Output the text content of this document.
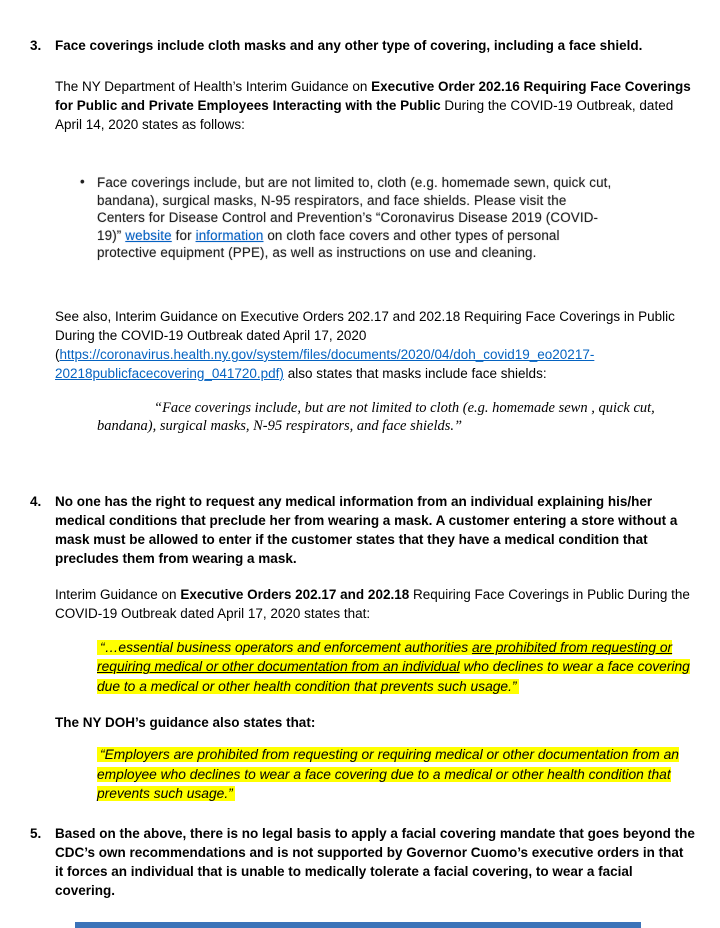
3. Face coverings include cloth masks and any other type of covering, including a face shield.
The NY Department of Health’s Interim Guidance on Executive Order 202.16 Requiring Face Coverings for Public and Private Employees Interacting with the Public During the COVID-19 Outbreak, dated April 14, 2020 states as follows:
• Face coverings include, but are not limited to, cloth (e.g. homemade sewn, quick cut, bandana), surgical masks, N-95 respirators, and face shields. Please visit the Centers for Disease Control and Prevention’s “Coronavirus Disease 2019 (COVID-19)” website for information on cloth face covers and other types of personal protective equipment (PPE), as well as instructions on use and cleaning.
See also, Interim Guidance on Executive Orders 202.17 and 202.18 Requiring Face Coverings in Public During the COVID-19 Outbreak dated April 17, 2020 (https://coronavirus.health.ny.gov/system/files/documents/2020/04/doh_covid19_eo20217-20218publicfacecovering_041720.pdf) also states that masks include face shields:
“Face coverings include, but are not limited to cloth (e.g. homemade sewn , quick cut, bandana), surgical masks, N-95 respirators, and face shields.”
4. No one has the right to request any medical information from an individual explaining his/her medical conditions that preclude her from wearing a mask. A customer entering a store without a mask must be allowed to enter if the customer states that they have a medical condition that precludes them from wearing a mask.
Interim Guidance on Executive Orders 202.17 and 202.18 Requiring Face Coverings in Public During the COVID-19 Outbreak dated April 17, 2020 states that:
“…essential business operators and enforcement authorities are prohibited from requesting or requiring medical or other documentation from an individual who declines to wear a face covering due to a medical or other health condition that prevents such usage.”
The NY DOH’s guidance also states that:
“Employers are prohibited from requesting or requiring medical or other documentation from an employee who declines to wear a face covering due to a medical or other health condition that prevents such usage.”
5. Based on the above, there is no legal basis to apply a facial covering mandate that goes beyond the CDC’s own recommendations and is not supported by Governor Cuomo’s executive orders in that it forces an individual that is unable to medically tolerate a facial covering, to wear a facial covering.
